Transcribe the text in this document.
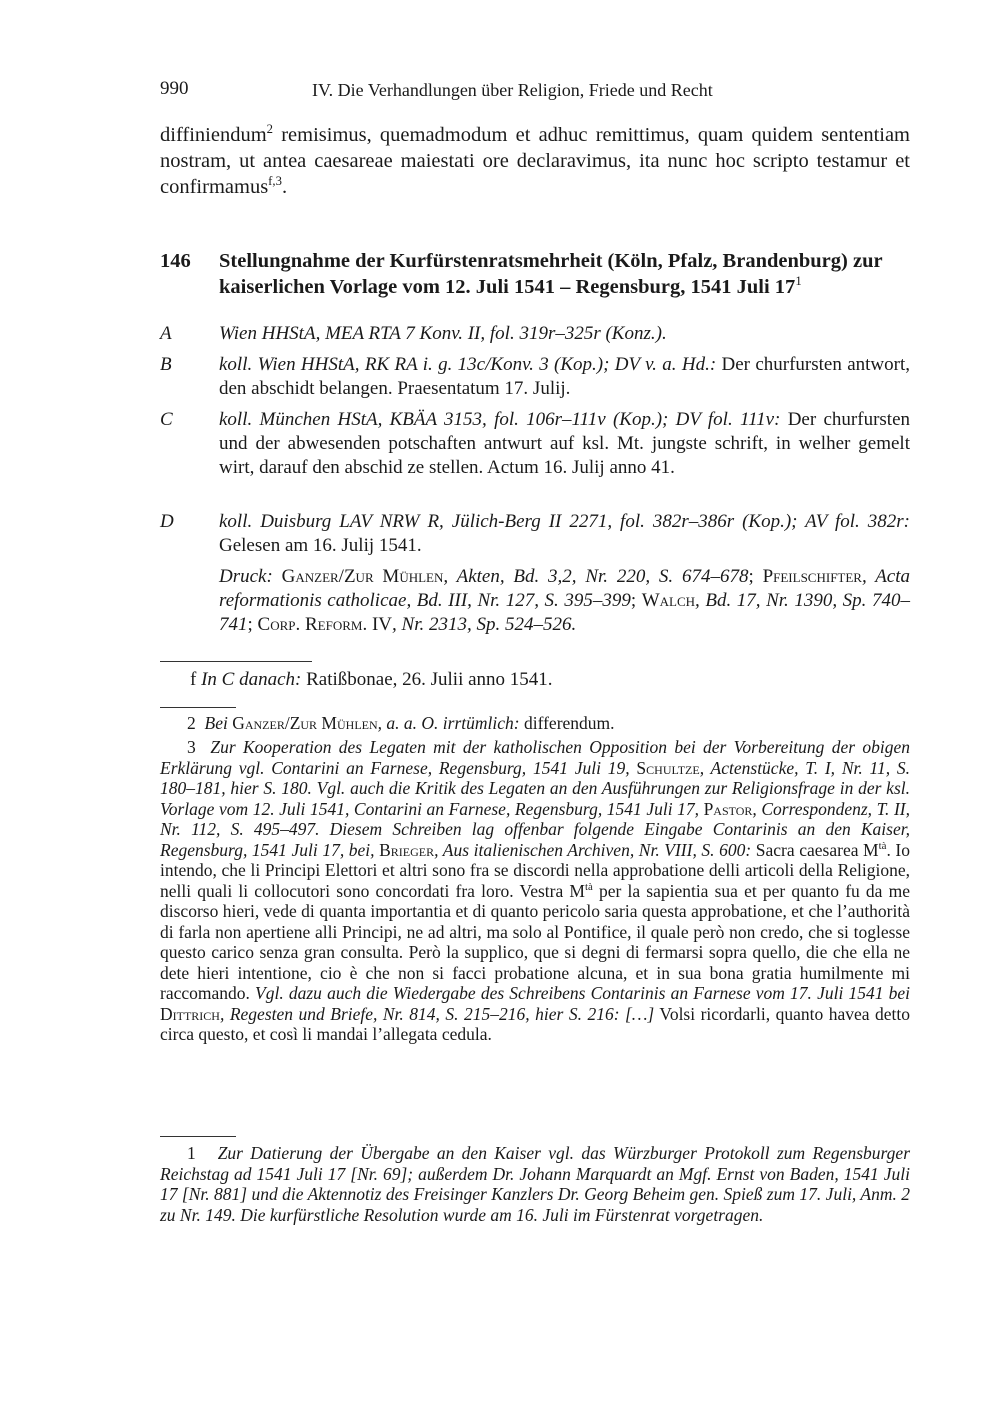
990	IV. Die Verhandlungen über Religion, Friede und Recht
diffiniendum$^2$ remisimus, quemadmodum et adhuc remittimus, quam quidem sententiam nostram, ut antea caesareae maiestati ore declaravimus, ita nunc hoc scripto testamur et confirmamus$^{f,3}$.
146 Stellungnahme der Kurfürstenratsmehrheit (Köln, Pfalz, Brandenburg) zur kaiserlichen Vorlage vom 12. Juli 1541 – Regensburg, 1541 Juli $17^1$
A Wien HHStA, MEA RTA 7 Konv. II, fol. 319r–325r (Konz.).
B koll. Wien HHStA, RK RA i. g. 13c/Konv. 3 (Kop.); DV v. a. Hd.: Der churfursten antwort, den abschidt belangen. Praesentatum 17. Julij.
C koll. München HStA, KBÄA 3153, fol. 106r–111v (Kop.); DV fol. 111v: Der churfursten und der abwesenden potschaften antwurt auf ksl. Mt. jungste schrift, in welher gemelt wirt, darauf den abschid ze stellen. Actum 16. Julij anno 41.
D koll. Duisburg LAV NRW R, Jülich-Berg II 2271, fol. 382r–386r (Kop.); AV fol. 382r: Gelesen am 16. Julij 1541.
Druck: Ganzer/Zur Mühlen, Akten, Bd. 3,2, Nr. 220, S. 674–678; Pfeilschifter, Acta reformationis catholicae, Bd. III, Nr. 127, S. 395–399; Walch, Bd. 17, Nr. 1390, Sp. 740–741; Corp. Reform. IV, Nr. 2313, Sp. 524–526.
f In C danach: Ratißbonae, 26. Julii anno 1541.
2 Bei Ganzer/Zur Mühlen, a. a. O. irrtümlich: differendum.
3 Zur Kooperation des Legaten mit der katholischen Opposition bei der Vorbereitung der obigen Erklärung vgl. Contarini an Farnese, Regensburg, 1541 Juli 19, Schultze, Actenstücke, T. I, Nr. 11, S. 180–181, hier S. 180. Vgl. auch die Kritik des Legaten an den Ausführungen zur Religionsfrage in der ksl. Vorlage vom 12. Juli 1541, Contarini an Farnese, Regensburg, 1541 Juli 17, Pastor, Correspondenz, T. II, Nr. 112, S. 495–497. Diesem Schreiben lag offenbar folgende Eingabe Contarinis an den Kaiser, Regensburg, 1541 Juli 17, bei, Brieger, Aus italienischen Archiven, Nr. VIII, S. 600: Sacra caesarea $M^{tà}$. Io intendo, che li Principi Elettori et altri sono fra se discordi nella approbatione delli articoli della Religione, nelli quali li collocutori sono concordati fra loro. Vestra $M^{tà}$ per la sapientia sua et per quanto fu da me discorso hieri, vede di quanta importantia et di quanto pericolo saria questa approbatione, et che l’authorità di farla non apertiene alli Principi, ne ad altri, ma solo al Pontifice, il quale però non credo, che si toglesse questo carico senza gran consulta. Però la supplico, que si degni di fermarsi sopra quello, die che ella ne dete hieri intentione, cio è che non si facci probatione alcuna, et in sua bona gratia humilmente mi raccomando. Vgl. dazu auch die Wiedergabe des Schreibens Contarinis an Farnese vom 17. Juli 1541 bei Dittrich, Regesten und Briefe, Nr. 814, S. 215–216, hier S. 216: […] Volsi ricordarli, quanto havea detto circa questo, et così li mandai l’allegata cedula.
1 Zur Datierung der Übergabe an den Kaiser vgl. das Würzburger Protokoll zum Regensburger Reichstag ad 1541 Juli 17 [Nr. 69]; außerdem Dr. Johann Marquardt an Mgf. Ernst von Baden, 1541 Juli 17 [Nr. 881] und die Aktennotiz des Freisinger Kanzlers Dr. Georg Beheim gen. Spieß zum 17. Juli, Anm. 2 zu Nr. 149. Die kurfürstliche Resolution wurde am 16. Juli im Fürstenrat vorgetragen.
